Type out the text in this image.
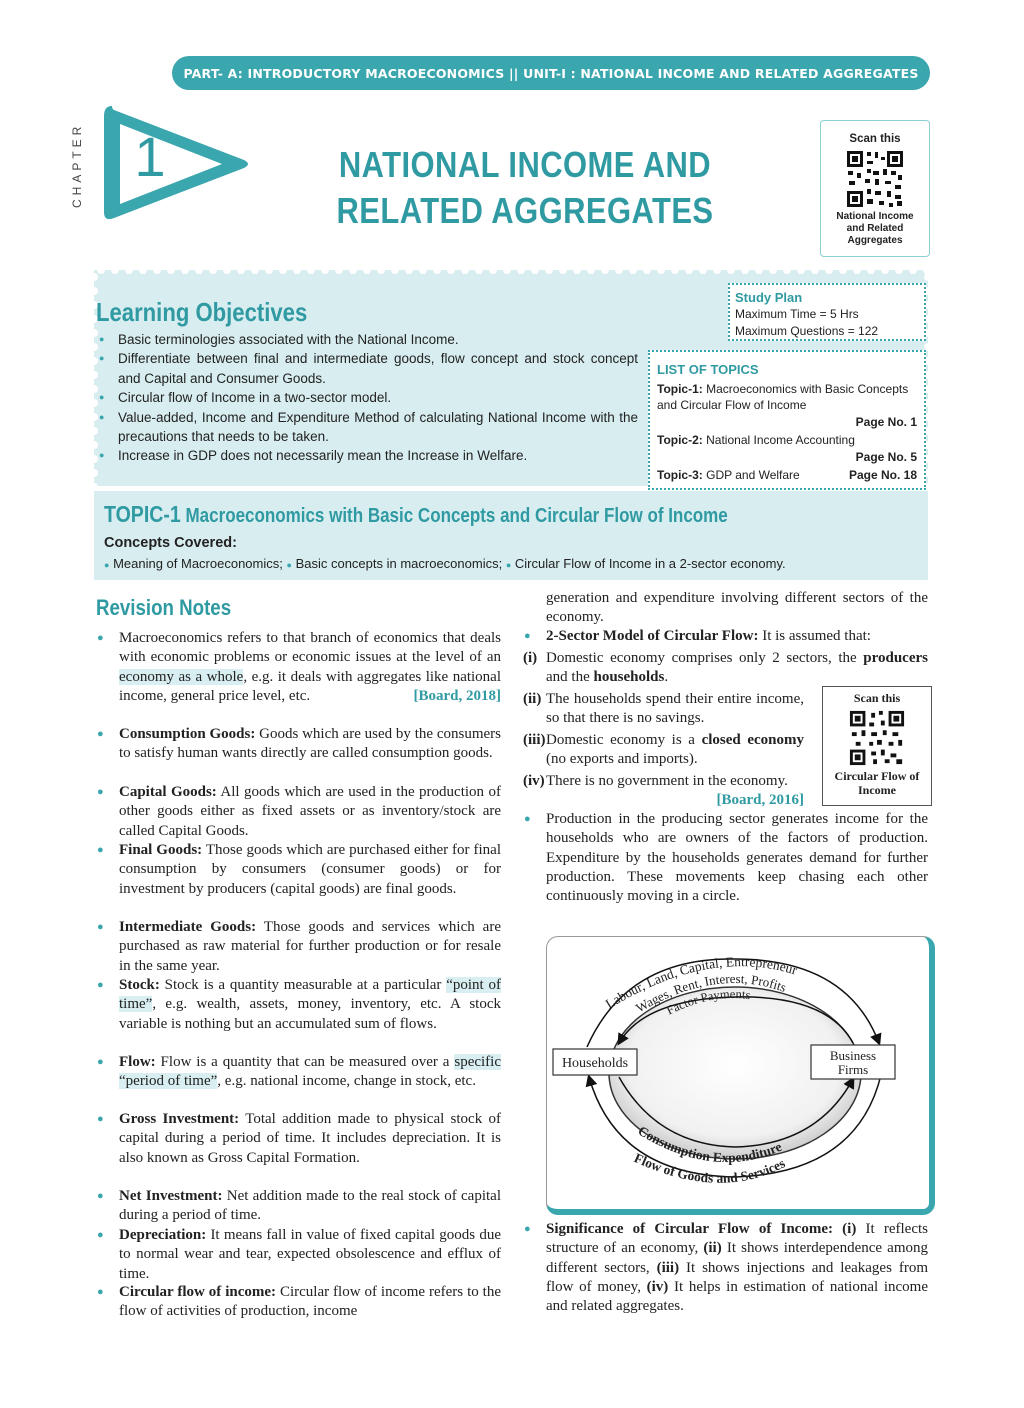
PART- A: INTRODUCTORY MACROECONOMICS || UNIT-I : NATIONAL INCOME AND RELATED AGGREGATES
CHAPTER 1	NATIONAL INCOME AND
RELATED AGGREGATES
Scan this
National Income
and Related
Aggregates
Learning Objectives
● Basic terminologies associated with the National Income.
● Differentiate between final and intermediate goods, flow concept and stock concept and Capital and Consumer Goods.
● Circular flow of Income in a two-sector model.
● Value-added, Income and Expenditure Method of calculating National Income with the precautions that needs to be taken.
● Increase in GDP does not necessarily mean the Increase in Welfare.
Study Plan
Maximum Time = 5 Hrs
Maximum Questions = 122
LIST OF TOPICS
Topic-1: Macroeconomics with Basic Concepts and Circular Flow of Income
Page No. 1
Topic-2: National Income Accounting
Page No. 5
Topic-3: GDP and Welfare	Page No. 18
TOPIC-1 Macroeconomics with Basic Concepts and Circular Flow of Income
Concepts Covered:
● Meaning of Macroeconomics; ● Basic concepts in macroeconomics; ● Circular Flow of Income in a 2-sector economy.
Revision Notes
● Macroeconomics refers to that branch of economics that deals with economic problems or economic issues at the level of an economy as a whole, e.g. it deals with aggregates like national income, general price level, etc.	[Board, 2018]

● Consumption Goods: Goods which are used by the consumers to satisfy human wants directly are called consumption goods.

● Capital Goods: All goods which are used in the production of other goods either as fixed assets or as inventory/stock are called Capital Goods.

● Final Goods: Those goods which are purchased either for final consumption by consumers (consumer goods) or for investment by producers (capital goods) are final goods.

● Intermediate Goods: Those goods and services which are purchased as raw material for further production or for resale in the same year.

● Stock: Stock is a quantity measurable at a particular “point of time”, e.g. wealth, assets, money, inventory, etc. A stock variable is nothing but an accumulated sum of flows.

● Flow: Flow is a quantity that can be measured over a specific “period of time”, e.g. national income, change in stock, etc.

● Gross Investment: Total addition made to physical stock of capital during a period of time. It includes depreciation. It is also known as Gross Capital Formation.

● Net Investment: Net addition made to the real stock of capital during a period of time.

● Depreciation: It means fall in value of fixed capital goods due to normal wear and tear, expected obsolescence and efflux of time.

● Circular flow of income: Circular flow of income refers to the flow of activities of production, income

generation and expenditure involving different sectors of the economy.

● 2-Sector Model of Circular Flow: It is assumed that:

(i) Domestic economy comprises only 2 sectors, the producers and the households.

(ii) The households spend their entire income, so that there is no savings.

(iii) Domestic economy is a closed economy (no exports and imports).

(iv) There is no government in the economy.
[Board, 2016]

● Production in the producing sector generates income for the households who are owners of the factors of production. Expenditure by the households generates demand for further production. These movements keep chasing each other continuously moving in a circle.

● Significance of Circular Flow of Income: (i) It reflects structure of an economy, (ii) It shows interdependence among different sectors, (iii) It shows injections and leakages from flow of money, (iv) It helps in estimation of national income and related aggregates.

Scan this
Circular Flow of
Income
Labour, Land, Capital, Entrepreneur
Wages, Rent, Interest, Profits
Factor Payments
Consumption Expenditure
Flow of Goods and Services
Households
Business
Firms
